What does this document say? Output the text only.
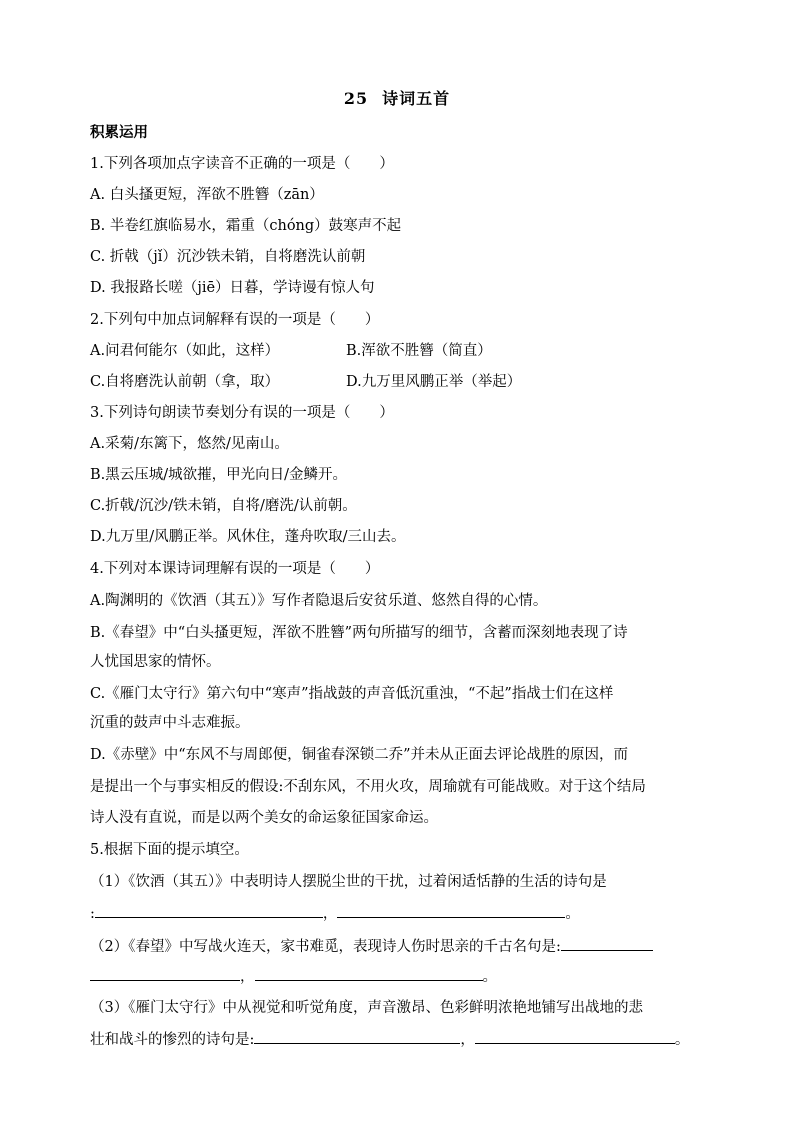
25 诗词五首
积累运用
1.下列各项加点字读音不正确的一项是（　　）
A. 白头搔更短，浑欲不胜簪（zān）
B. 半卷红旗临易水，霜重（chóng）鼓寒声不起
C. 折戟（jǐ）沉沙铁未销，自将磨洗认前朝
D. 我报路长嗟（jiē）日暮，学诗谩有惊人句
2.下列句中加点词解释有误的一项是（　　）
A.问君何能尔（如此，这样）	B.浑欲不胜簪（简直）
C.自将磨洗认前朝（拿，取）	D.九万里风鹏正举（举起）
3.下列诗句朗读节奏划分有误的一项是（　　）
A.采菊/东篱下，悠然/见南山。
B.黑云压城/城欲摧，甲光向日/金鳞开。
C.折戟/沉沙/铁未销，自将/磨洗/认前朝。
D.九万里/风鹏正举。风休住，蓬舟吹取/三山去。
4.下列对本课诗词理解有误的一项是（　　）
A.陶渊明的《饮酒（其五）》写作者隐退后安贫乐道、悠然自得的心情。
B.《春望》中“白头搔更短，浑欲不胜簪”两句所描写的细节，含蓄而深刻地表现了诗
人忧国思家的情怀。
C.《雁门太守行》第六句中“寒声”指战鼓的声音低沉重浊，“不起”指战士们在这样
沉重的鼓声中斗志难振。
D.《赤壁》中“东风不与周郎便，铜雀春深锁二乔”并未从正面去评论战胜的原因，而
是提出一个与事实相反的假设:不刮东风，不用火攻，周瑜就有可能战败。对于这个结局
诗人没有直说，而是以两个美女的命运象征国家命运。
5.根据下面的提示填空。
（1）《饮酒（其五）》中表明诗人摆脱尘世的干扰，过着闲适恬静的生活的诗句是
:	，	。
（2）《春望》中写战火连天，家书难觅，表现诗人伤时思亲的千古名句是:
，	。
（3）《雁门太守行》中从视觉和听觉角度，声音激昂、色彩鲜明浓艳地铺写出战地的悲
壮和战斗的惨烈的诗句是:	，	。
